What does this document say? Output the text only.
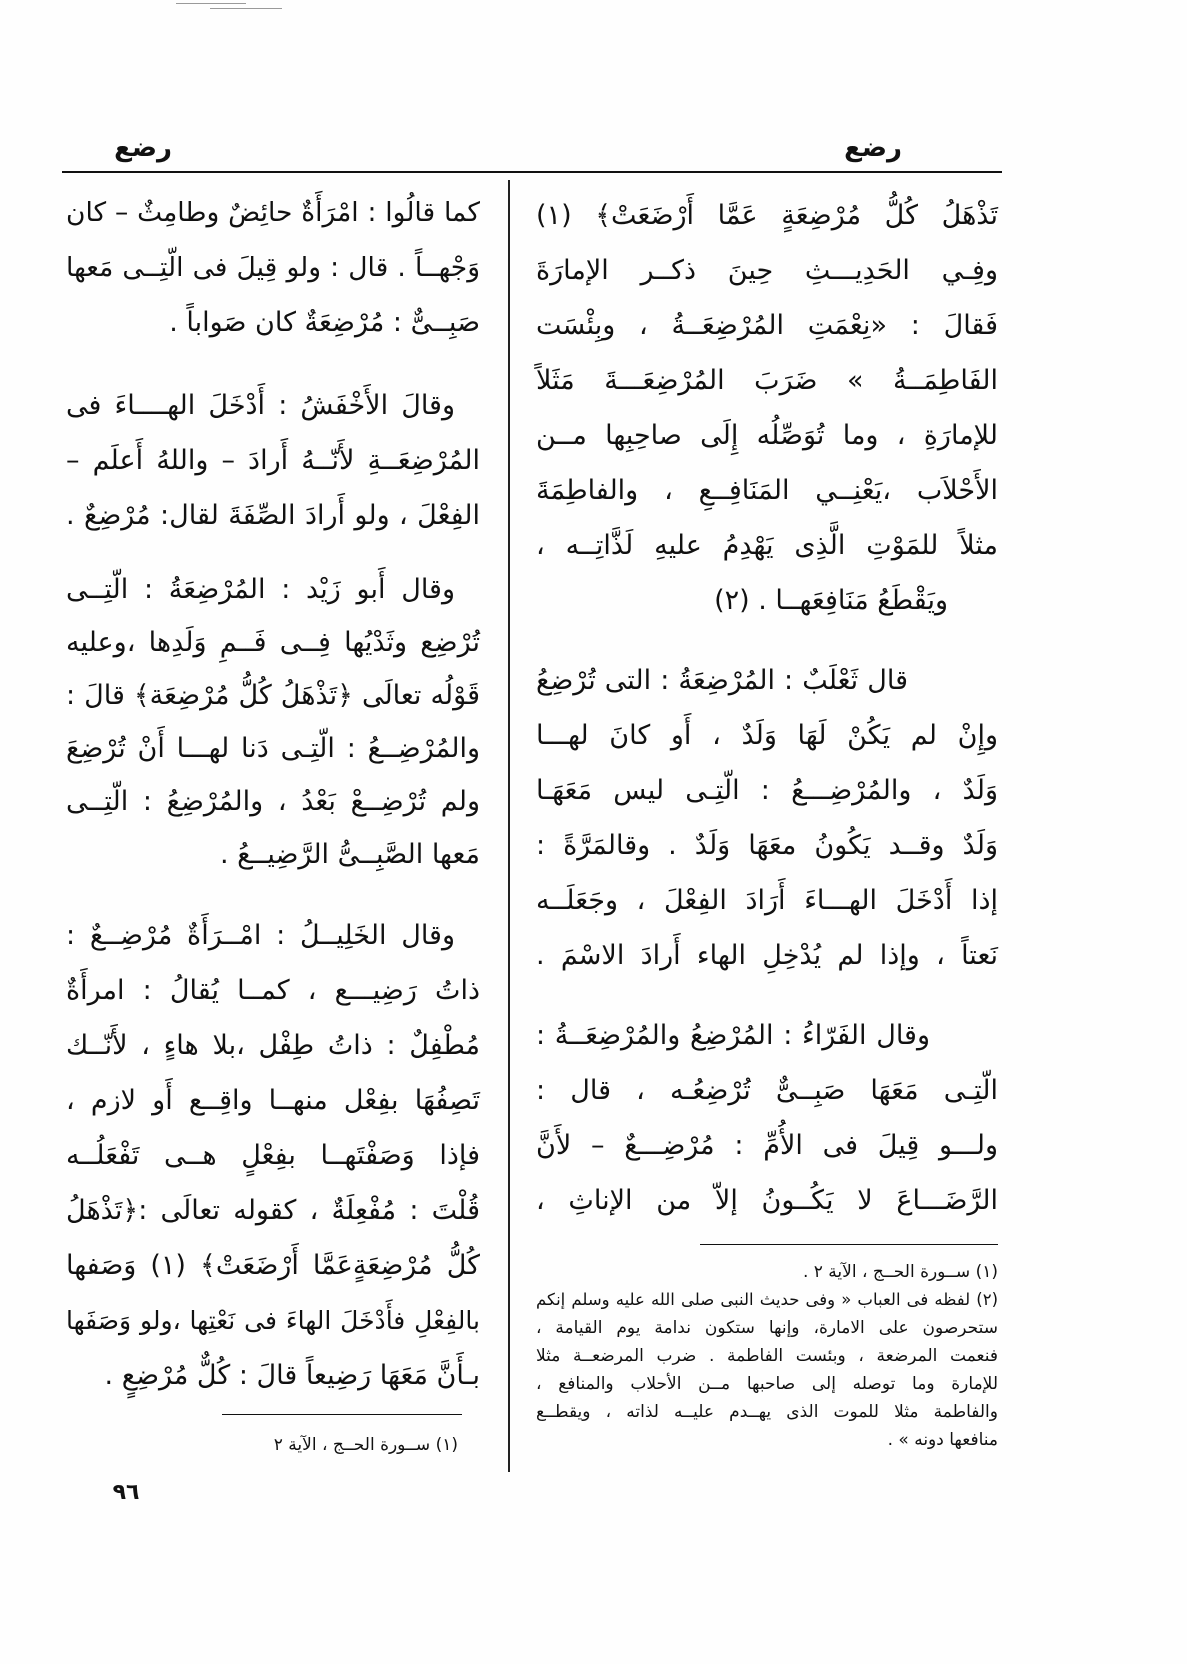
رضع
رضع
تَذْهَلُ كُلُّ مُرْضِعَةٍ عَمَّا أَرْضَعَتْ﴾ (١)
وفِـي الحَدِيـــثِ حِينَ ذكــر الإمارَةَ
فَقالَ : «نِعْمَتِ المُرْضِعَــةُ ، وبِئْسَت
الفَاطِمَــةُ » ضَرَبَ المُرْضِعَـــةَ مَثَلاً
للإمارَةِ ، وما تُوَصِّلُه إِلَى صاحِبِها مــن
الأَحْلاَب ،يَعْنِــي المَنَافِــعِ ، والفاطِمَةَ
مثلاً للمَوْتِ الَّذِى يَهْدِمُ عليهِ لَذَّاتِــه ،
ويَقْطَعُ مَنَافِعَهــا . (٢)
قال ثَعْلَبٌ : المُرْضِعَةُ : التى تُرْضِعُ
وإِنْ لم يَكُنْ لَهَا وَلَدٌ ، أَو كانَ لهـــا
وَلَدٌ ، والمُرْضِـــعُ : الّتِـى ليس مَعَهَـا
وَلَدٌ وقــد يَكُونُ معَهَا وَلَدٌ . وقالمَرَّةً :
إذا أَدْخَلَ الهـــاءَ أَرَادَ الفِعْلَ ، وجَعَلَــه
نَعتاً ، وإذا لم يُدْخِلِ الهاء أَرادَ الاسْمَ .
وقال الفَرّاءُ : المُرْضِعُ والمُرْضِعَــةُ :
الّتِـى مَعَهَا صَبِــىٌّ تُرْضِعُـه ، قال :
ولـــو قِيلَ فى الأُمِّ : مُرْضِـــعٌ – لأَنَّ
الرَّضَـــاعَ لا يَكُــونُ إلاّ من الإناثِ ،
(١) ســورة الحــج ، الآية ٢ .
(٢) لفظه فى العباب « وفى حديث النبى صلى الله عليه وسلم إنكم
ستحرصون على الامارة، وإنها ستكون ندامة يوم القيامة ،
فنعمت المرضعة ، وبئست الفاطمة . ضرب المرضعــة مثلا
للإمارة وما توصله إلى صاحبها مــن الأحلاب والمنافع ،
والفاطمة مثلا للموت الذى يهــدم عليــه لذاته ، ويقطــع
منافعها دونه » .
كما قالُوا : امْرَأَةٌ حائِضٌ وطامِثٌ – كان
وَجْهــاً . قال : ولو قِيلَ فى الّتِــى مَعها
صَبِــىٌّ : مُرْضِعَةٌ كان صَواباً .
وقالَ الأَخْفَشُ : أَدْخَلَ الهــــاءَ فى
المُرْضِعَــةِ لأَنّــهُ أَرادَ – واللهُ أَعلَم –
الفِعْلَ ، ولو أَرادَ الصِّفَةَ لقال: مُرْضِعٌ .
وقال أَبو زَيْد : المُرْضِعَةُ : الّتِــى
تُرْضِع وثَدْيُها فِــى فَــمِ وَلَدِها ،وعليه
قَوْلُه تعالَى ﴿تَذْهَلُ كُلُّ مُرْضِعَة﴾ قالَ :
والمُرْضِــعُ : الّتِـى دَنا لهـــا أَنْ تُرْضِعَ
ولم تُرْضِــعْ بَعْدُ ، والمُرْضِعُ : الّتِــى
مَعها الصَّبِــىُّ الرَّضِيــعُ .
وقال الخَلِيــلُ : امْــرَأَةٌ مُرْضِــعٌ :
ذاتُ رَضِيـــع ، كمــا يُقالُ : امرأَةٌ
مُطْفِلٌ : ذاتُ طِفْل ،بلا هاءٍ ، لأَنّــك
تَصِفُهَا بفِعْل منهــا واقِــع أَو لازم ،
فإذا وَصَفْتَهــا بفِعْلٍ هــى تَفْعَلُــه
قُلْتَ : مُفْعِلَةٌ ، كقوله تعالَى :﴿تَذْهَلُ
كُلُّ مُرْضِعَةٍعَمَّا أَرْضَعَتْ﴾ (١) وَصَفها
بالفِعْلِ فأَدْخَلَ الهاءَ فى نَعْتِها ،ولو وَصَفَها
بـأَنَّ مَعَهَا رَضِيعاً قالَ : كُلٌّ مُرْضِعٍ .
(١) ســورة الحــج ، الآية ٢
٩٦
